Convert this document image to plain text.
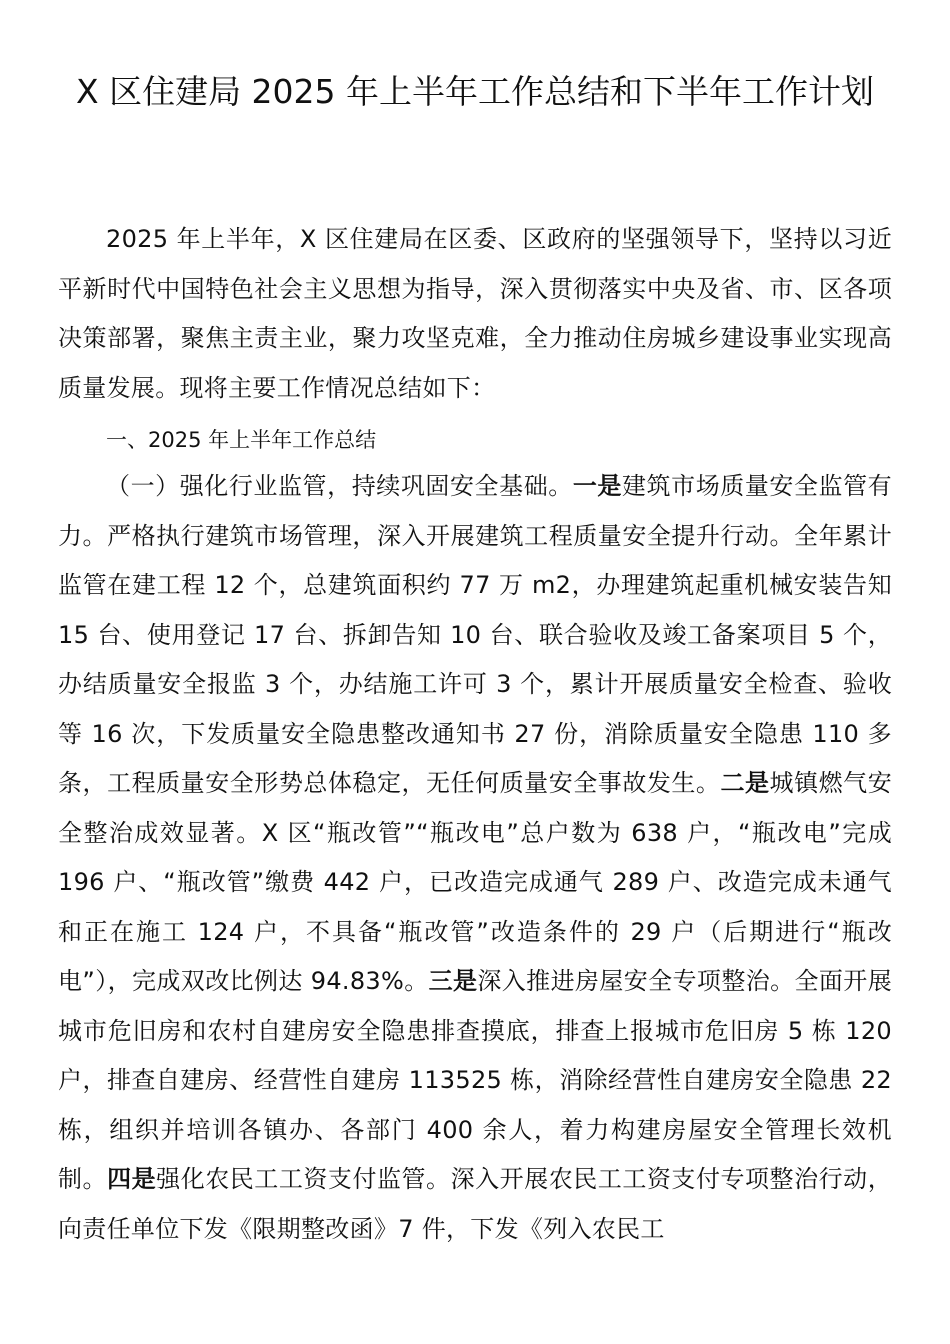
X 区住建局 2025 年上半年工作总结和下半年工作计划

2025 年上半年，X 区住建局在区委、区政府的坚强领导下，坚持以习近平新时代中国特色社会主义思想为指导，深入贯彻落实中央及省、市、区各项决策部署，聚焦主责主业，聚力攻坚克难，全力推动住房城乡建设事业实现高质量发展。现将主要工作情况总结如下：

一、2025 年上半年工作总结

（一）强化行业监管，持续巩固安全基础。一是建筑市场质量安全监管有力。严格执行建筑市场管理，深入开展建筑工程质量安全提升行动。全年累计监管在建工程 12 个，总建筑面积约 77 万 m2，办理建筑起重机械安装告知 15 台、使用登记 17 台、拆卸告知 10 台、联合验收及竣工备案项目 5 个，办结质量安全报监 3 个，办结施工许可 3 个，累计开展质量安全检查、验收等 16 次，下发质量安全隐患整改通知书 27 份，消除质量安全隐患 110 多条，工程质量安全形势总体稳定，无任何质量安全事故发生。二是城镇燃气安全整治成效显著。X 区“瓶改管”“瓶改电”总户数为 638 户，“瓶改电”完成 196 户、“瓶改管”缴费 442 户，已改造完成通气 289 户、改造完成未通气和正在施工 124 户，不具备“瓶改管”改造条件的 29 户（后期进行“瓶改电”），完成双改比例达 94.83%。三是深入推进房屋安全专项整治。全面开展城市危旧房和农村自建房安全隐患排查摸底，排查上报城市危旧房 5 栋 120 户，排查自建房、经营性自建房 113525 栋，消除经营性自建房安全隐患 22 栋，组织并培训各镇办、各部门 400 余人，着力构建房屋安全管理长效机制。四是强化农民工工资支付监管。深入开展农民工工资支付专项整治行动，向责任单位下发《限期整改函》7 件，下发《列入农民工
